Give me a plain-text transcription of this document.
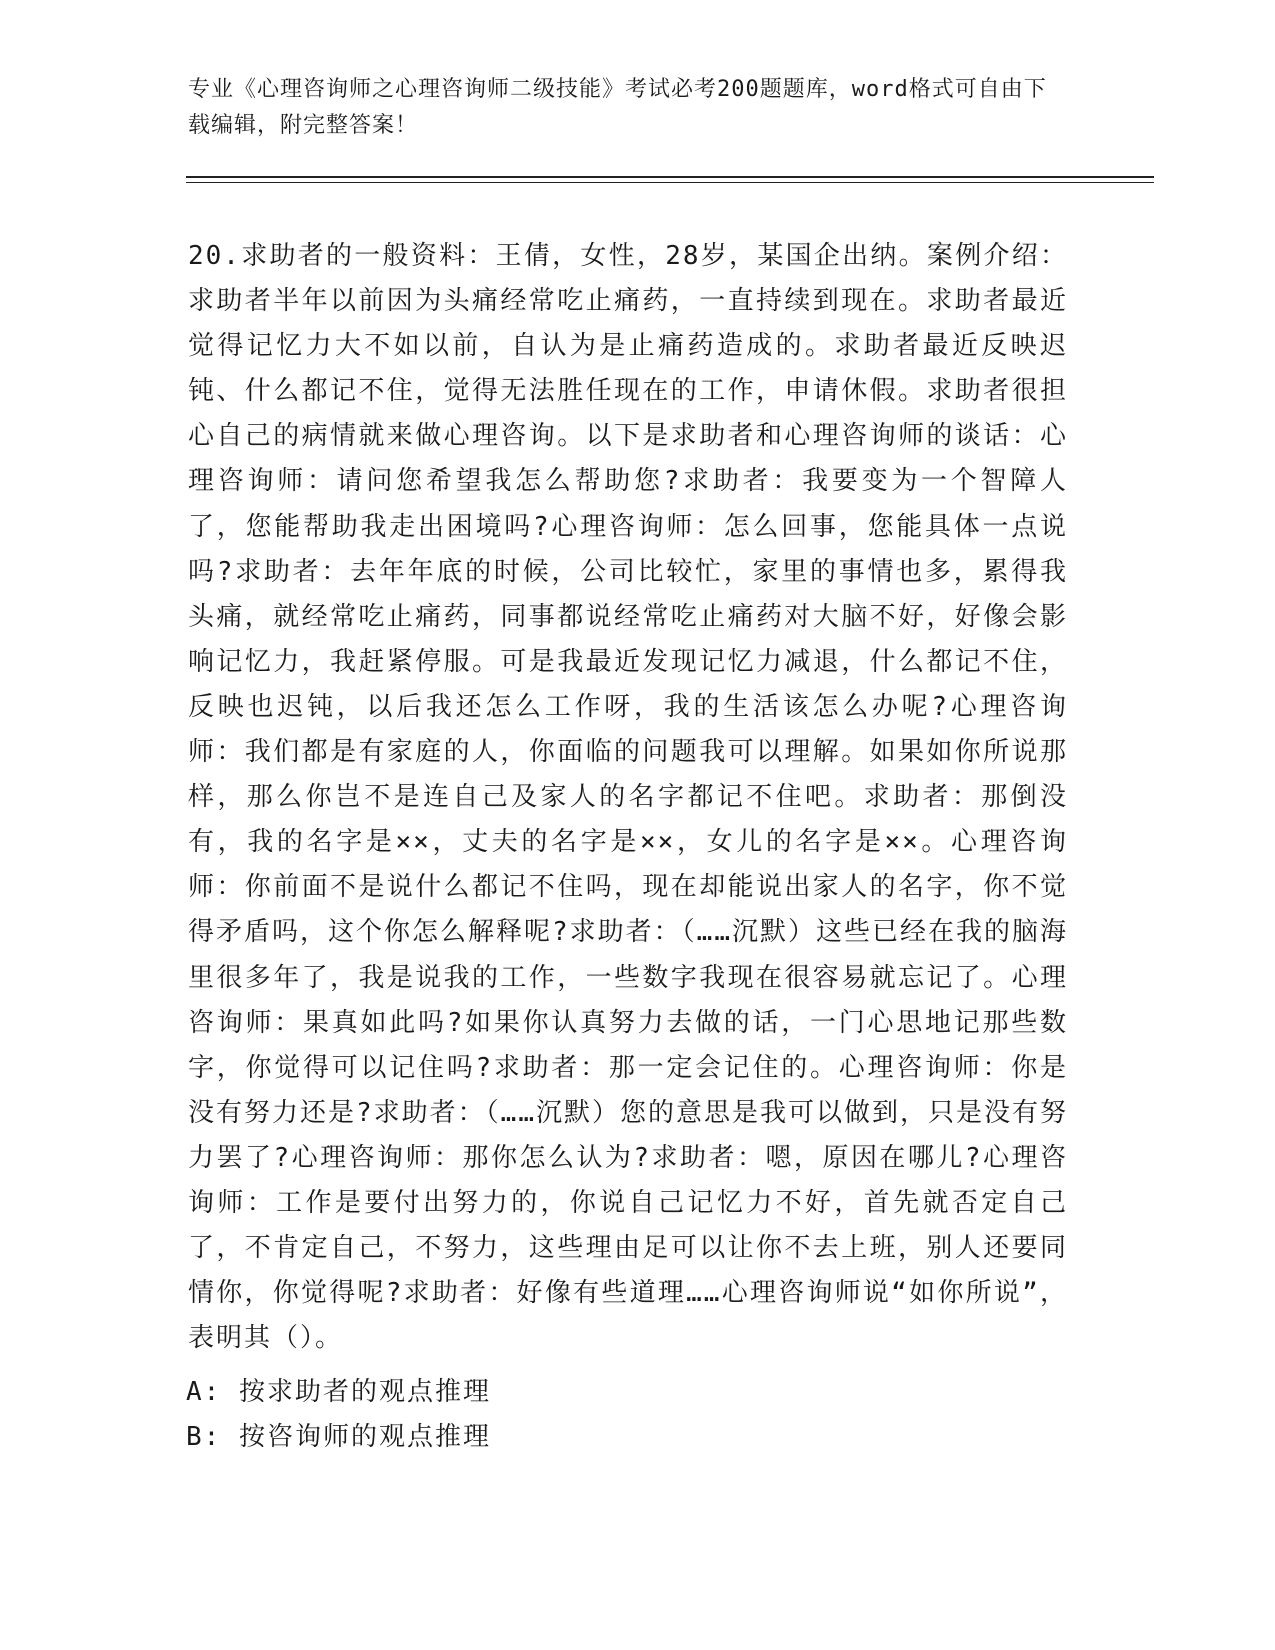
专业《心理咨询师之心理咨询师二级技能》考试必考200题题库，word格式可自由下载编辑，附完整答案！
20.求助者的一般资料：王倩，女性，28岁，某国企出纳。案例介绍：求助者半年以前因为头痛经常吃止痛药，一直持续到现在。求助者最近觉得记忆力大不如以前，自认为是止痛药造成的。求助者最近反映迟钝、什么都记不住，觉得无法胜任现在的工作，申请休假。求助者很担心自己的病情就来做心理咨询。以下是求助者和心理咨询师的谈话：心理咨询师：请问您希望我怎么帮助您?求助者：我要变为一个智障人了，您能帮助我走出困境吗?心理咨询师：怎么回事，您能具体一点说吗?求助者：去年年底的时候，公司比较忙，家里的事情也多，累得我头痛，就经常吃止痛药，同事都说经常吃止痛药对大脑不好，好像会影响记忆力，我赶紧停服。可是我最近发现记忆力减退，什么都记不住，反映也迟钝，以后我还怎么工作呀，我的生活该怎么办呢?心理咨询师：我们都是有家庭的人，你面临的问题我可以理解。如果如你所说那样，那么你岂不是连自己及家人的名字都记不住吧。求助者：那倒没有，我的名字是××，丈夫的名字是××，女儿的名字是××。心理咨询师：你前面不是说什么都记不住吗，现在却能说出家人的名字，你不觉得矛盾吗，这个你怎么解释呢?求助者：（……沉默）这些已经在我的脑海里很多年了，我是说我的工作，一些数字我现在很容易就忘记了。心理咨询师：果真如此吗?如果你认真努力去做的话，一门心思地记那些数字，你觉得可以记住吗?求助者：那一定会记住的。心理咨询师：你是没有努力还是?求助者：（……沉默）您的意思是我可以做到，只是没有努力罢了?心理咨询师：那你怎么认为?求助者：嗯，原因在哪儿?心理咨询师：工作是要付出努力的，你说自己记忆力不好，首先就否定自己了，不肯定自己，不努力，这些理由足可以让你不去上班，别人还要同情你，你觉得呢?求助者：好像有些道理……心理咨询师说“如你所说”，表明其（）。
A: 按求助者的观点推理
B: 按咨询师的观点推理
